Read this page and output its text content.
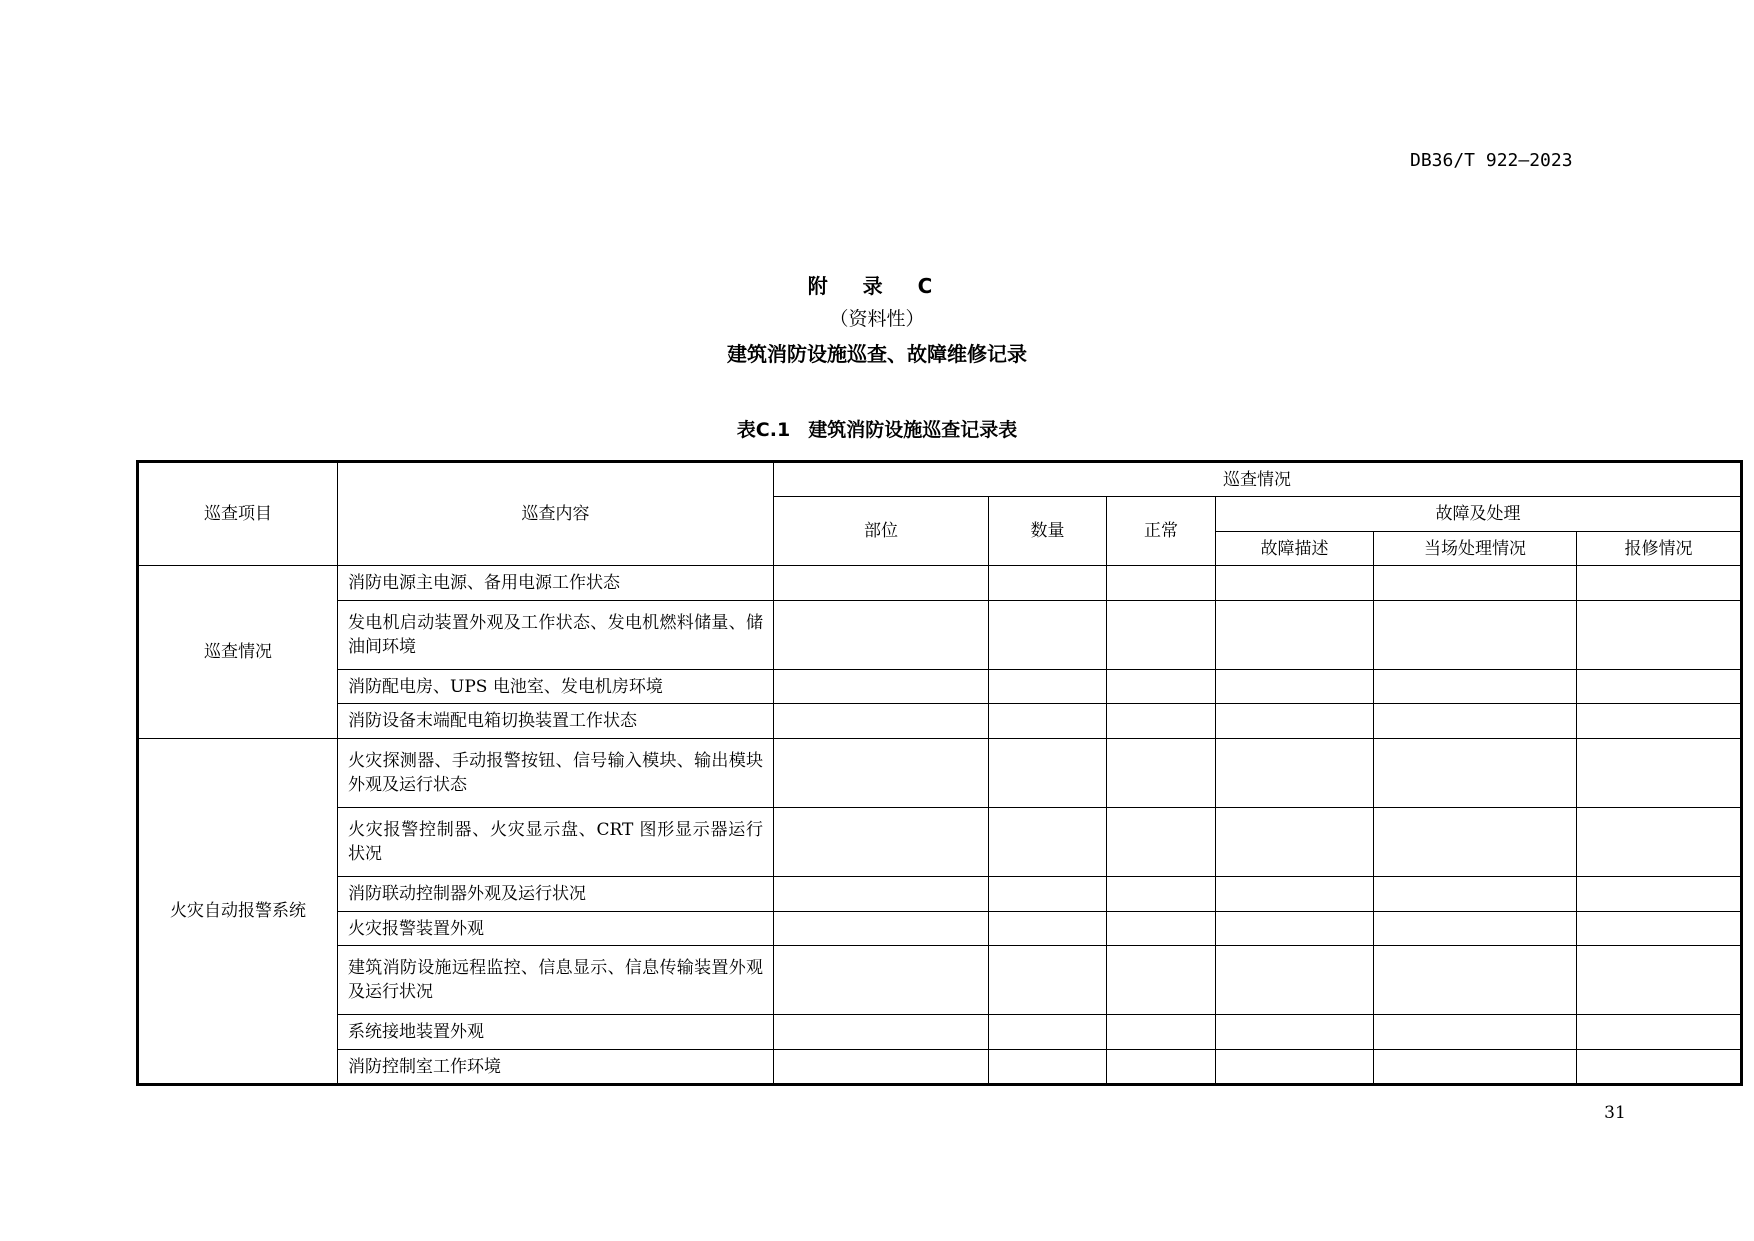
DB36/T 922—2023
附 录 C
（资料性）
建筑消防设施巡查、故障维修记录
表C.1 建筑消防设施巡查记录表
巡查项目	巡查内容	巡查情况					
		部位	数量	正常	故障及处理		
					故障描述	当场处理情况	报修情况
巡查情况	消防电源主电源、备用电源工作状态						
	发电机启动装置外观及工作状态、发电机燃料储量、储油间环境						
	消防配电房、UPS 电池室、发电机房环境						
	消防设备末端配电箱切换装置工作状态						
火灾自动报警系统	火灾探测器、手动报警按钮、信号输入模块、输出模块外观及运行状态						
	火灾报警控制器、火灾显示盘、CRT 图形显示器运行状况						
	消防联动控制器外观及运行状况						
	火灾报警装置外观						
	建筑消防设施远程监控、信息显示、信息传输装置外观及运行状况						
	系统接地装置外观						
	消防控制室工作环境						
31
